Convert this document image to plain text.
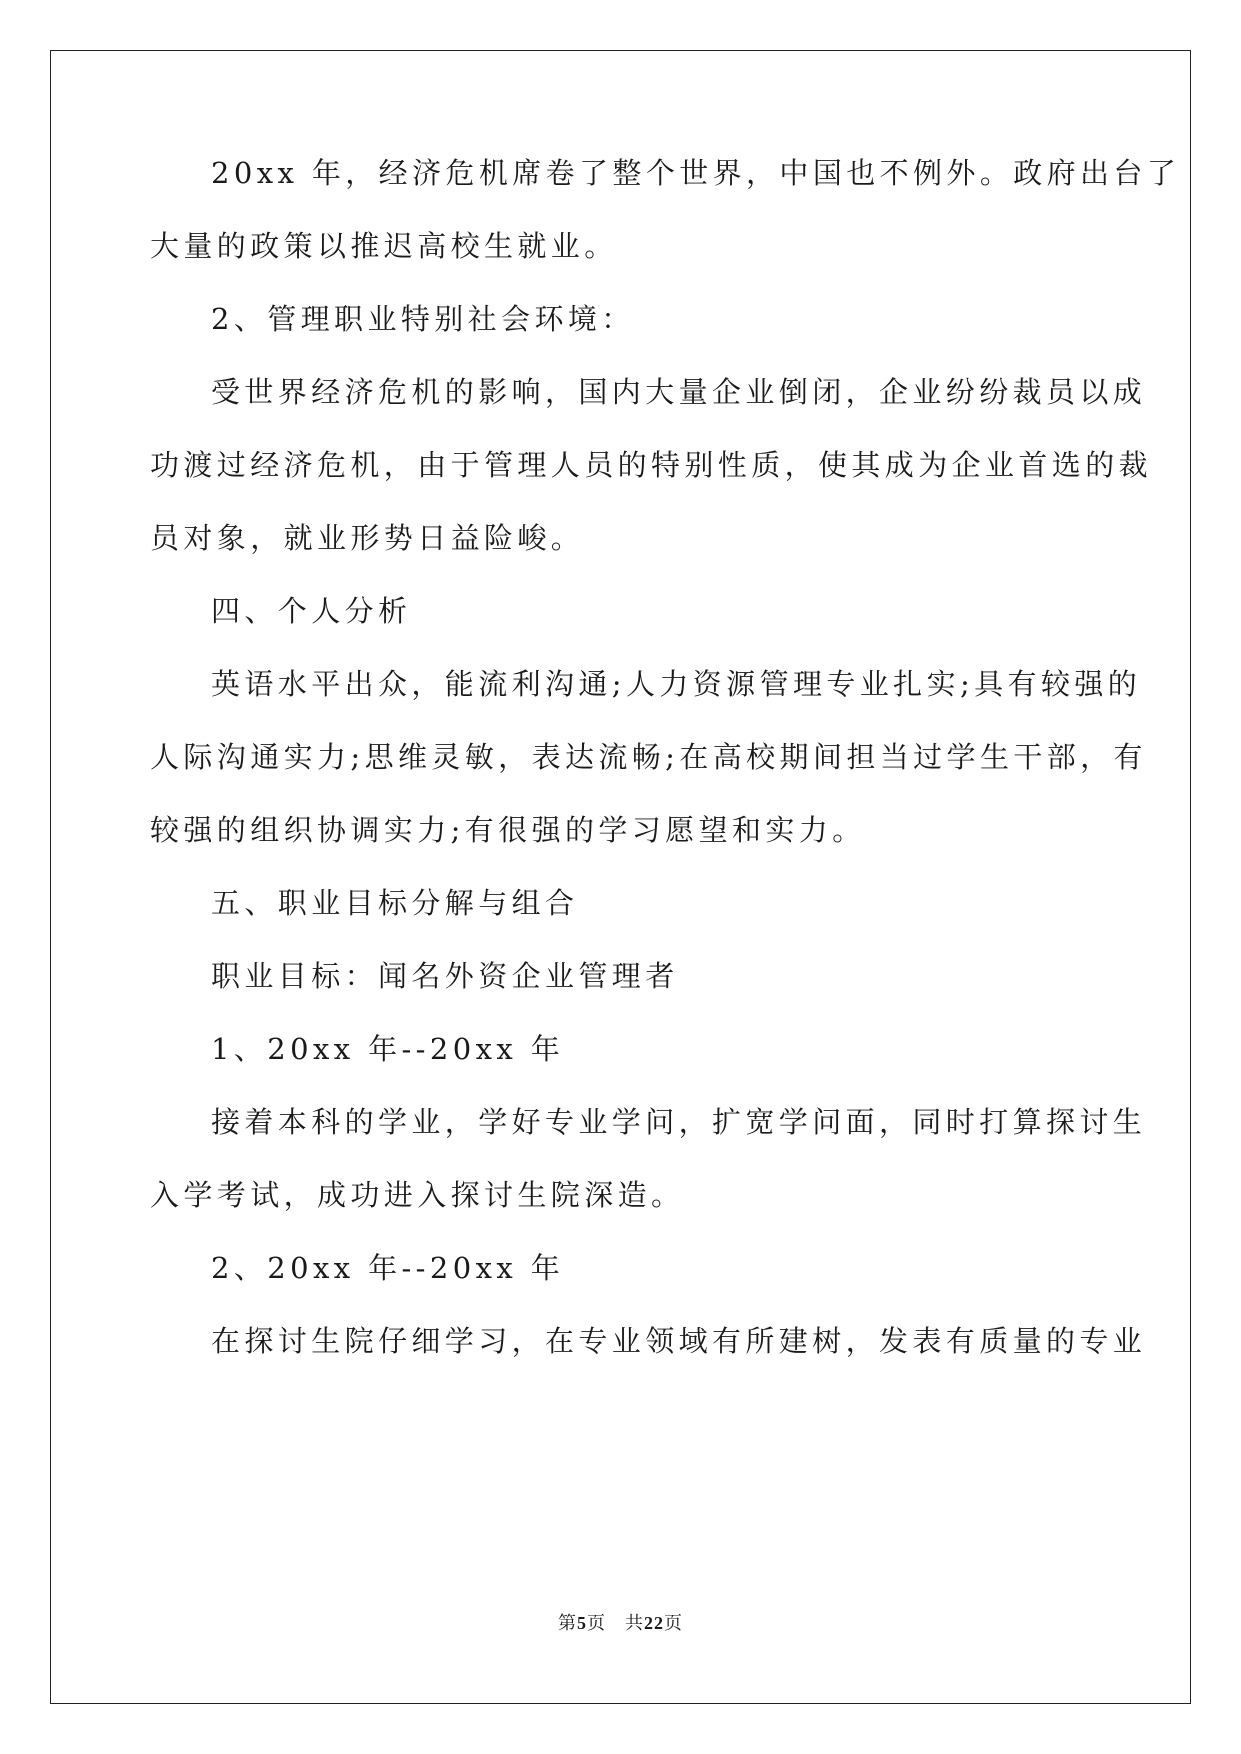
20xx 年，经济危机席卷了整个世界，中国也不例外。政府出台了
大量的政策以推迟高校生就业。
2、管理职业特别社会环境：
受世界经济危机的影响，国内大量企业倒闭，企业纷纷裁员以成
功渡过经济危机，由于管理人员的特别性质，使其成为企业首选的裁
员对象，就业形势日益险峻。
四、个人分析
英语水平出众，能流利沟通;人力资源管理专业扎实;具有较强的
人际沟通实力;思维灵敏，表达流畅;在高校期间担当过学生干部，有
较强的组织协调实力;有很强的学习愿望和实力。
五、职业目标分解与组合
职业目标：闻名外资企业管理者
1、20xx 年--20xx 年
接着本科的学业，学好专业学问，扩宽学问面，同时打算探讨生
入学考试，成功进入探讨生院深造。
2、20xx 年--20xx 年
在探讨生院仔细学习，在专业领域有所建树，发表有质量的专业
第5页　共22页
